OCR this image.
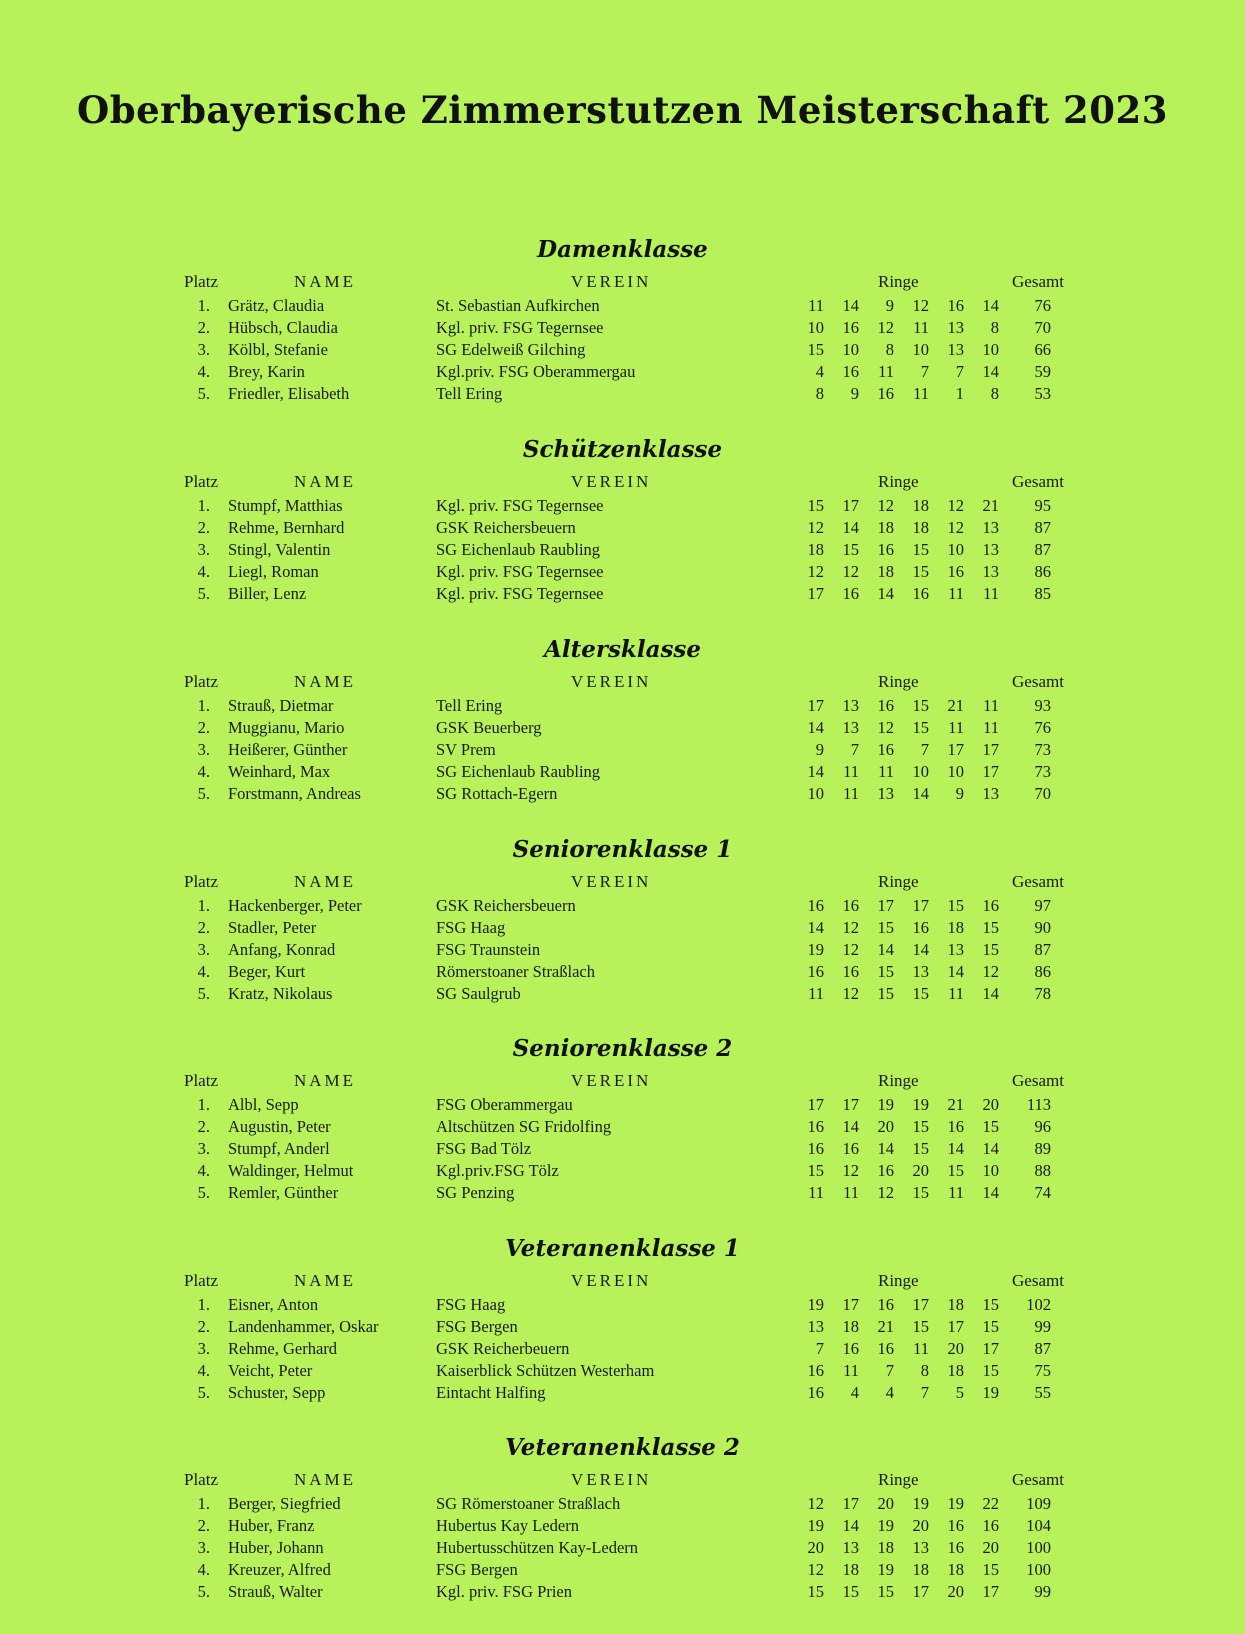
Oberbayerische Zimmerstutzen Meisterschaft 2023
Damenklasse
Platz	NAME	VEREIN	Ringe	Gesamt
1. Grätz, Claudia	St. Sebastian Aufkirchen	11	14	9	12	16	14	76
2. Hübsch, Claudia	Kgl. priv. FSG Tegernsee	10	16	12	11	13	8	70
3. Kölbl, Stefanie	SG Edelweiß Gilching	15	10	8	10	13	10	66
4. Brey, Karin	Kgl.priv. FSG Oberammergau	4	16	11	7	7	14	59
5. Friedler, Elisabeth	Tell Ering	8	9	16	11	1	8	53
Schützenklasse
Platz	NAME	VEREIN	Ringe	Gesamt
1. Stumpf, Matthias	Kgl. priv. FSG Tegernsee	15	17	12	18	12	21	95
2. Rehme, Bernhard	GSK Reichersbeuern	12	14	18	18	12	13	87
3. Stingl, Valentin	SG Eichenlaub Raubling	18	15	16	15	10	13	87
4. Liegl, Roman	Kgl. priv. FSG Tegernsee	12	12	18	15	16	13	86
5. Biller, Lenz	Kgl. priv. FSG Tegernsee	17	16	14	16	11	11	85
Altersklasse
Platz	NAME	VEREIN	Ringe	Gesamt
1. Strauß, Dietmar	Tell Ering	17	13	16	15	21	11	93
2. Muggianu, Mario	GSK Beuerberg	14	13	12	15	11	11	76
3. Heißerer, Günther	SV Prem	9	7	16	7	17	17	73
4. Weinhard, Max	SG Eichenlaub Raubling	14	11	11	10	10	17	73
5. Forstmann, Andreas	SG Rottach-Egern	10	11	13	14	9	13	70
Seniorenklasse 1
Platz	NAME	VEREIN	Ringe	Gesamt
1. Hackenberger, Peter	GSK Reichersbeuern	16	16	17	17	15	16	97
2. Stadler, Peter	FSG Haag	14	12	15	16	18	15	90
3. Anfang, Konrad	FSG Traunstein	19	12	14	14	13	15	87
4. Beger, Kurt	Römerstoaner Straßlach	16	16	15	13	14	12	86
5. Kratz, Nikolaus	SG Saulgrub	11	12	15	15	11	14	78
Seniorenklasse 2
Platz	NAME	VEREIN	Ringe	Gesamt
1. Albl, Sepp	FSG Oberammergau	17	17	19	19	21	20	113
2. Augustin, Peter	Altschützen SG Fridolfing	16	14	20	15	16	15	96
3. Stumpf, Anderl	FSG Bad Tölz	16	16	14	15	14	14	89
4. Waldinger, Helmut	Kgl.priv.FSG Tölz	15	12	16	20	15	10	88
5. Remler, Günther	SG Penzing	11	11	12	15	11	14	74
Veteranenklasse 1
Platz	NAME	VEREIN	Ringe	Gesamt
1. Eisner, Anton	FSG Haag	19	17	16	17	18	15	102
2. Landenhammer, Oskar	FSG Bergen	13	18	21	15	17	15	99
3. Rehme, Gerhard	GSK Reicherbeuern	7	16	16	11	20	17	87
4. Veicht, Peter	Kaiserblick Schützen Westerham	16	11	7	8	18	15	75
5. Schuster, Sepp	Eintacht Halfing	16	4	4	7	5	19	55
Veteranenklasse 2
Platz	NAME	VEREIN	Ringe	Gesamt
1. Berger, Siegfried	SG Römerstoaner Straßlach	12	17	20	19	19	22	109
2. Huber, Franz	Hubertus Kay Ledern	19	14	19	20	16	16	104
3. Huber, Johann	Hubertusschützen Kay-Ledern	20	13	18	13	16	20	100
4. Kreuzer, Alfred	FSG Bergen	12	18	19	18	18	15	100
5. Strauß, Walter	Kgl. priv. FSG Prien	15	15	15	17	20	17	99
